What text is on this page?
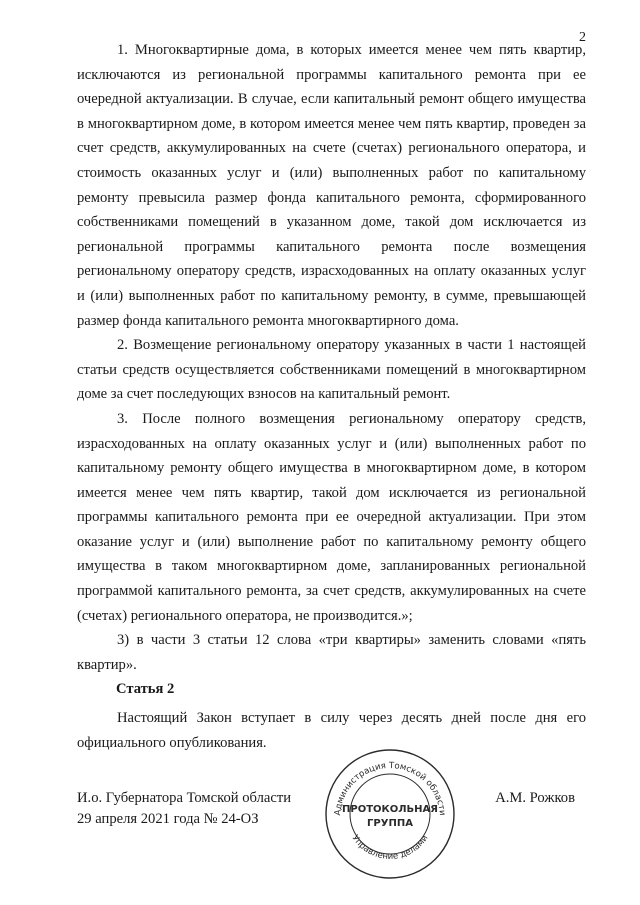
2

1. Многоквартирные дома, в которых имеется менее чем пять квартир, исключаются из региональной программы капитального ремонта при ее очередной актуализации. В случае, если капитальный ремонт общего имущества в многоквартирном доме, в котором имеется менее чем пять квартир, проведен за счет средств, аккумулированных на счете (счетах) регионального оператора, и стоимость оказанных услуг и (или) выполненных работ по капитальному ремонту превысила размер фонда капитального ремонта, сформированного собственниками помещений в указанном доме, такой дом исключается из региональной программы капитального ремонта после возмещения региональному оператору средств, израсходованных на оплату оказанных услуг и (или) выполненных работ по капитальному ремонту, в сумме, превышающей размер фонда капитального ремонта многоквартирного дома.

2. Возмещение региональному оператору указанных в части 1 настоящей статьи средств осуществляется собственниками помещений в многоквартирном доме за счет последующих взносов на капитальный ремонт.

3. После полного возмещения региональному оператору средств, израсходованных на оплату оказанных услуг и (или) выполненных работ по капитальному ремонту общего имущества в многоквартирном доме, в котором имеется менее чем пять квартир, такой дом исключается из региональной программы капитального ремонта при ее очередной актуализации. При этом оказание услуг и (или) выполнение работ по капитальному ремонту общего имущества в таком многоквартирном доме, запланированных региональной программой капитального ремонта, за счет средств, аккумулированных на счете (счетах) регионального оператора, не производится.»;

3) в части 3 статьи 12 слова «три квартиры» заменить словами «пять квартир».

Статья 2

Настоящий Закон вступает в силу через десять дней после дня его официального опубликования.

И.о. Губернатора Томской области
29 апреля 2021 года № 24-ОЗ
А.М. Рожков
Администрация Томской области
Управление делами
ПРОТОКОЛЬНАЯ
ГРУППА
